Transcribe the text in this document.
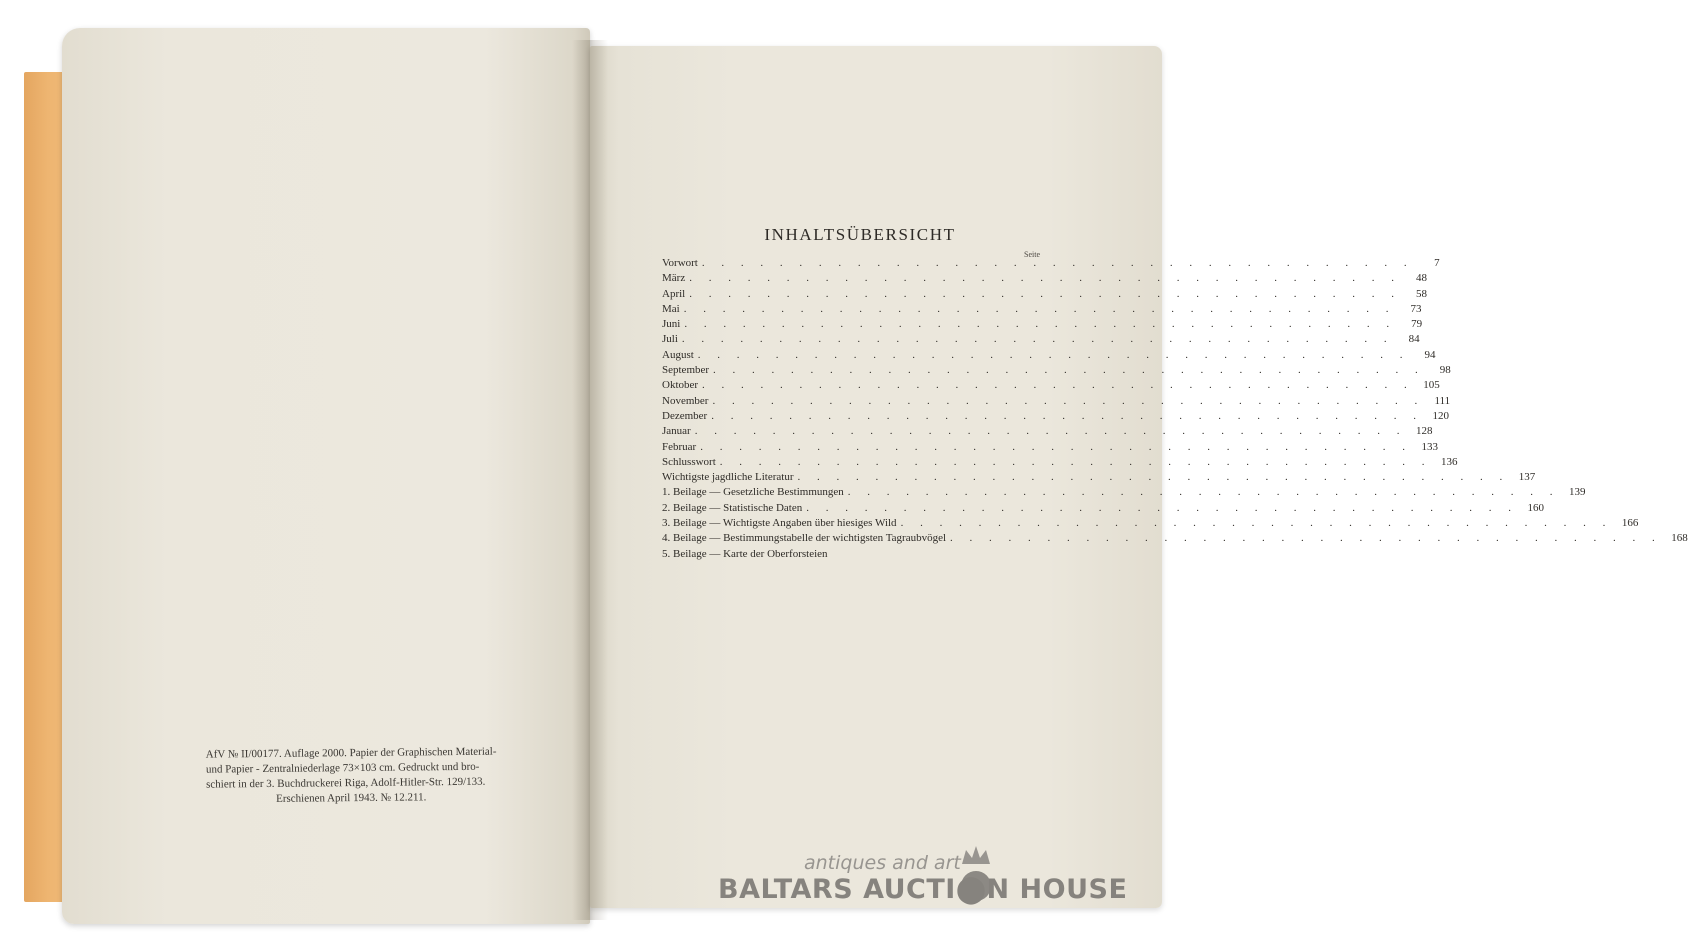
AfV № II/00177. Auflage 2000. Papier der Graphischen Material-
und Papier - Zentralniederlage 73×103 cm. Gedruckt und bro-
schiert in der 3. Buchdruckerei Riga, Adolf-Hitler-Str. 129/133.
Erschienen April 1943. № 12.211.
INHALTSÜBERSICHT
Seite
Vorwort . . . . . . . . . . . . . . . . . . . . . . . . . . . . . . . . . . . . .	7
März . . . . . . . . . . . . . . . . . . . . . . . . . . . . . . . . . . . . .	48
April . . . . . . . . . . . . . . . . . . . . . . . . . . . . . . . . . . . . .	58
Mai . . . . . . . . . . . . . . . . . . . . . . . . . . . . . . . . . . . . .	73
Juni . . . . . . . . . . . . . . . . . . . . . . . . . . . . . . . . . . . . .	79
Juli . . . . . . . . . . . . . . . . . . . . . . . . . . . . . . . . . . . . .	84
August . . . . . . . . . . . . . . . . . . . . . . . . . . . . . . . . . . . . .	94
September . . . . . . . . . . . . . . . . . . . . . . . . . . . . . . . . . . . . .	98
Oktober . . . . . . . . . . . . . . . . . . . . . . . . . . . . . . . . . . . . . 105
November . . . . . . . . . . . . . . . . . . . . . . . . . . . . . . . . . . . . . 111
Dezember . . . . . . . . . . . . . . . . . . . . . . . . . . . . . . . . . . . . . 120
Januar . . . . . . . . . . . . . . . . . . . . . . . . . . . . . . . . . . . . . 128
Februar . . . . . . . . . . . . . . . . . . . . . . . . . . . . . . . . . . . . . 133
Schlusswort . . . . . . . . . . . . . . . . . . . . . . . . . . . . . . . . . . . . . 136
Wichtigste jagdliche Literatur . . . . . . . . . . . . . . . . . . . . . . . . . . . . . . . . . . . . . 137
1. Beilage — Gesetzliche Bestimmungen . . . . . . . . . . . . . . . . . . . . . . . . . . . . . . . . . . . . . 139
2. Beilage — Statistische Daten . . . . . . . . . . . . . . . . . . . . . . . . . . . . . . . . . . . . . 160
3. Beilage — Wichtigste Angaben über hiesiges Wild . . . . . . . . . . . . . . . . . . . . . . . . . . . . . . . . . . . . . 166
4. Beilage — Bestimmungstabelle der wichtigsten Tagraubvögel . . . . . . . . . . . . . . . . . . . . . . . . . . . . . . . . . . . . . 168
5. Beilage — Karte der Oberforsteien
antiques and art
BALTARS AUCTI⬤N HOUSE
